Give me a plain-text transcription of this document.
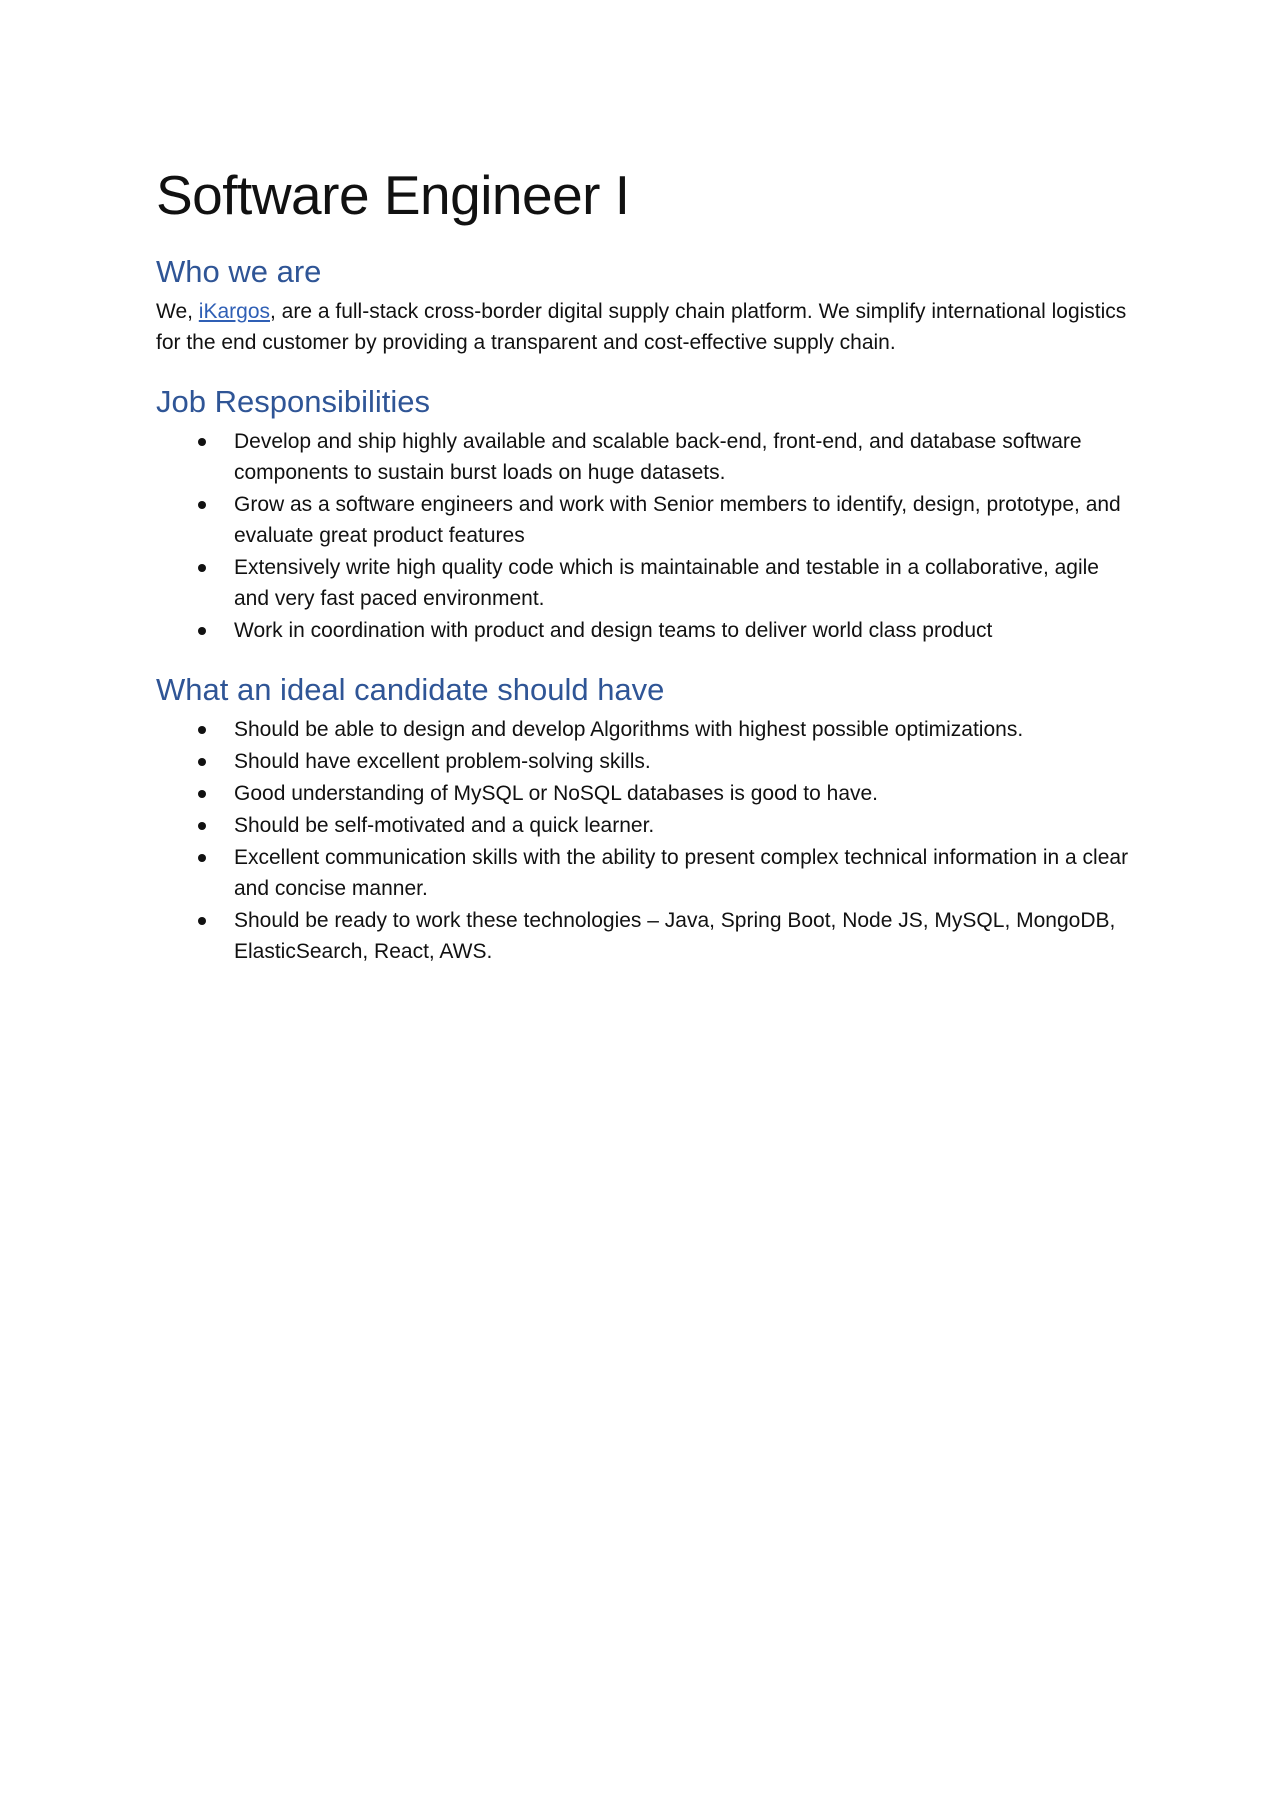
Software Engineer I
Who we are

We, iKargos, are a full-stack cross-border digital supply chain platform. We simplify international logistics for the end customer by providing a transparent and cost-effective supply chain.

Job Responsibilities
Develop and ship highly available and scalable back-end, front-end, and database software components to sustain burst loads on huge datasets.
Grow as a software engineers and work with Senior members to identify, design, prototype, and evaluate great product features
Extensively write high quality code which is maintainable and testable in a collaborative, agile and very fast paced environment.
Work in coordination with product and design teams to deliver world class product
What an ideal candidate should have
Should be able to design and develop Algorithms with highest possible optimizations.
Should have excellent problem-solving skills.
Good understanding of MySQL or NoSQL databases is good to have.
Should be self-motivated and a quick learner.
Excellent communication skills with the ability to present complex technical information in a clear and concise manner.
Should be ready to work these technologies – Java, Spring Boot, Node JS, MySQL, MongoDB, ElasticSearch, React, AWS.
